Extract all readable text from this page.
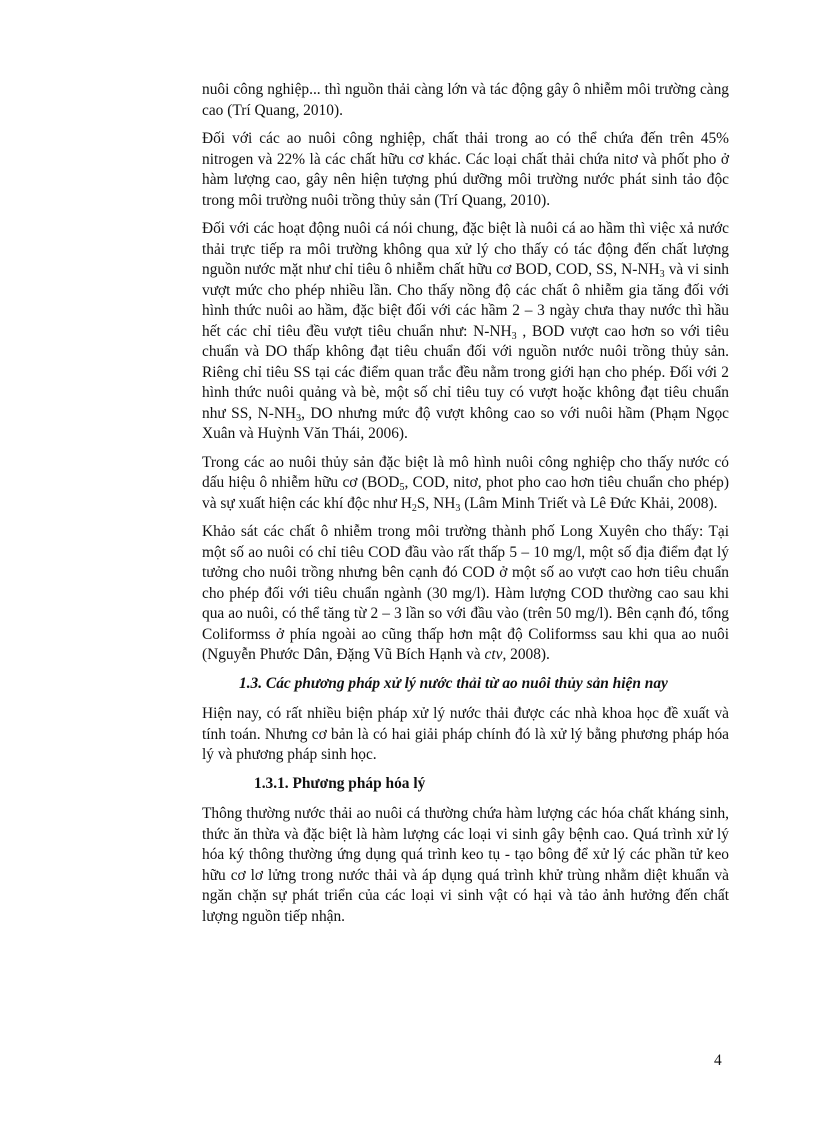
nuôi công nghiệp... thì nguồn thải càng lớn và tác động gây ô nhiễm môi trường càng cao (Trí Quang, 2010).

Đối với các ao nuôi công nghiệp, chất thải trong ao có thể chứa đến trên 45% nitrogen và 22% là các chất hữu cơ khác. Các loại chất thải chứa nitơ và phốt pho ở hàm lượng cao, gây nên hiện tượng phú dưỡng môi trường nước phát sinh tảo độc trong môi trường nuôi trồng thủy sản (Trí Quang, 2010).

Đối với các hoạt động nuôi cá nói chung, đặc biệt là nuôi cá ao hầm thì việc xả nước thải trực tiếp ra môi trường không qua xử lý cho thấy có tác động đến chất lượng nguồn nước mặt như chỉ tiêu ô nhiễm chất hữu cơ BOD, COD, SS, $N-NH_3$ và vi sinh vượt mức cho phép nhiều lần. Cho thấy nồng độ các chất ô nhiễm gia tăng đối với hình thức nuôi ao hầm, đặc biệt đối với các hầm 2 – 3 ngày chưa thay nước thì hầu hết các chỉ tiêu đều vượt tiêu chuẩn như: $N-NH_3$ , BOD vượt cao hơn so với tiêu chuẩn và DO thấp không đạt tiêu chuẩn đối với nguồn nước nuôi trồng thủy sản. Riêng chỉ tiêu SS tại các điểm quan trắc đều nằm trong giới hạn cho phép. Đối với 2 hình thức nuôi quảng và bè, một số chỉ tiêu tuy có vượt hoặc không đạt tiêu chuẩn như SS, $N-NH_3$, DO nhưng mức độ vượt không cao so với nuôi hầm (Phạm Ngọc Xuân và Huỳnh Văn Thái, 2006).

Trong các ao nuôi thủy sản đặc biệt là mô hình nuôi công nghiệp cho thấy nước có dấu hiệu ô nhiễm hữu cơ ($BOD_5$, COD, nitơ, phot pho cao hơn tiêu chuẩn cho phép) và sự xuất hiện các khí độc như $H_2S$, $NH_3$ (Lâm Minh Triết và Lê Đức Khải, 2008).

Khảo sát các chất ô nhiễm trong môi trường thành phố Long Xuyên cho thấy: Tại một số ao nuôi có chỉ tiêu COD đầu vào rất thấp 5 – 10 mg/l, một số địa điểm đạt lý tưởng cho nuôi trồng nhưng bên cạnh đó COD ở một số ao vượt cao hơn tiêu chuẩn cho phép đối với tiêu chuẩn ngành (30 mg/l). Hàm lượng COD thường cao sau khi qua ao nuôi, có thể tăng từ 2 – 3 lần so với đầu vào (trên 50 mg/l). Bên cạnh đó, tổng Coliformss ở phía ngoài ao cũng thấp hơn mật độ Coliformss sau khi qua ao nuôi (Nguyễn Phước Dân, Đặng Vũ Bích Hạnh và ctv, 2008).

1.3. Các phương pháp xử lý nước thải từ ao nuôi thủy sản hiện nay

Hiện nay, có rất nhiều biện pháp xử lý nước thải được các nhà khoa học đề xuất và tính toán. Nhưng cơ bản là có hai giải pháp chính đó là xử lý bằng phương pháp hóa lý và phương pháp sinh học.

1.3.1. Phương pháp hóa lý

Thông thường nước thải ao nuôi cá thường chứa hàm lượng các hóa chất kháng sinh, thức ăn thừa và đặc biệt là hàm lượng các loại vi sinh gây bệnh cao. Quá trình xử lý hóa ký thông thường ứng dụng quá trình keo tụ - tạo bông để xử lý các phần tử keo hữu cơ lơ lửng trong nước thải và áp dụng quá trình khử trùng nhằm diệt khuẩn và ngăn chặn sự phát triển của các loại vi sinh vật có hại và tảo ảnh hưởng đến chất lượng nguồn tiếp nhận.

4
